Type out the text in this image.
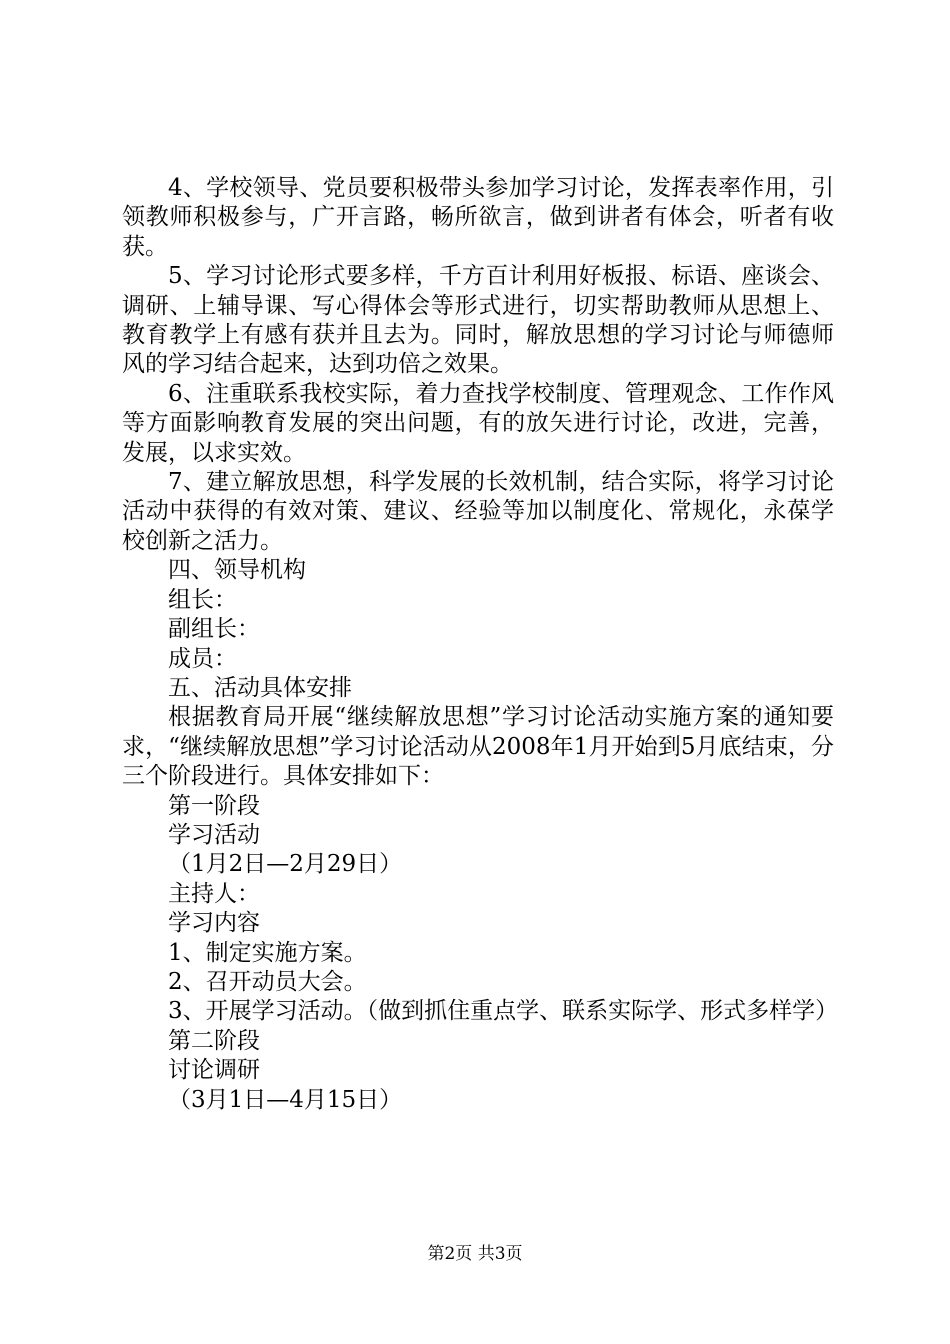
4、学校领导、党员要积极带头参加学习讨论，发挥表率作用，引领教师积极参与，广开言路，畅所欲言，做到讲者有体会，听者有收获。

5、学习讨论形式要多样，千方百计利用好板报、标语、座谈会、调研、上辅导课、写心得体会等形式进行，切实帮助教师从思想上、教育教学上有感有获并且去为。同时，解放思想的学习讨论与师德师风的学习结合起来，达到功倍之效果。

6、注重联系我校实际，着力查找学校制度、管理观念、工作作风等方面影响教育发展的突出问题，有的放矢进行讨论，改进，完善，发展，以求实效。

7、建立解放思想，科学发展的长效机制，结合实际，将学习讨论活动中获得的有效对策、建议、经验等加以制度化、常规化，永葆学校创新之活力。

四、领导机构

组长：

副组长：

成员：

五、活动具体安排

根据教育局开展“继续解放思想”学习讨论活动实施方案的通知要求，“继续解放思想”学习讨论活动从2008年1月开始到5月底结束，分三个阶段进行。具体安排如下：

第一阶段

学习活动

（1月2日—2月29日）

主持人：

学习内容

1、制定实施方案。

2、召开动员大会。

3、开展学习活动。（做到抓住重点学、联系实际学、形式多样学）

第二阶段

讨论调研

（3月1日—4月15日）

第2页 共3页
